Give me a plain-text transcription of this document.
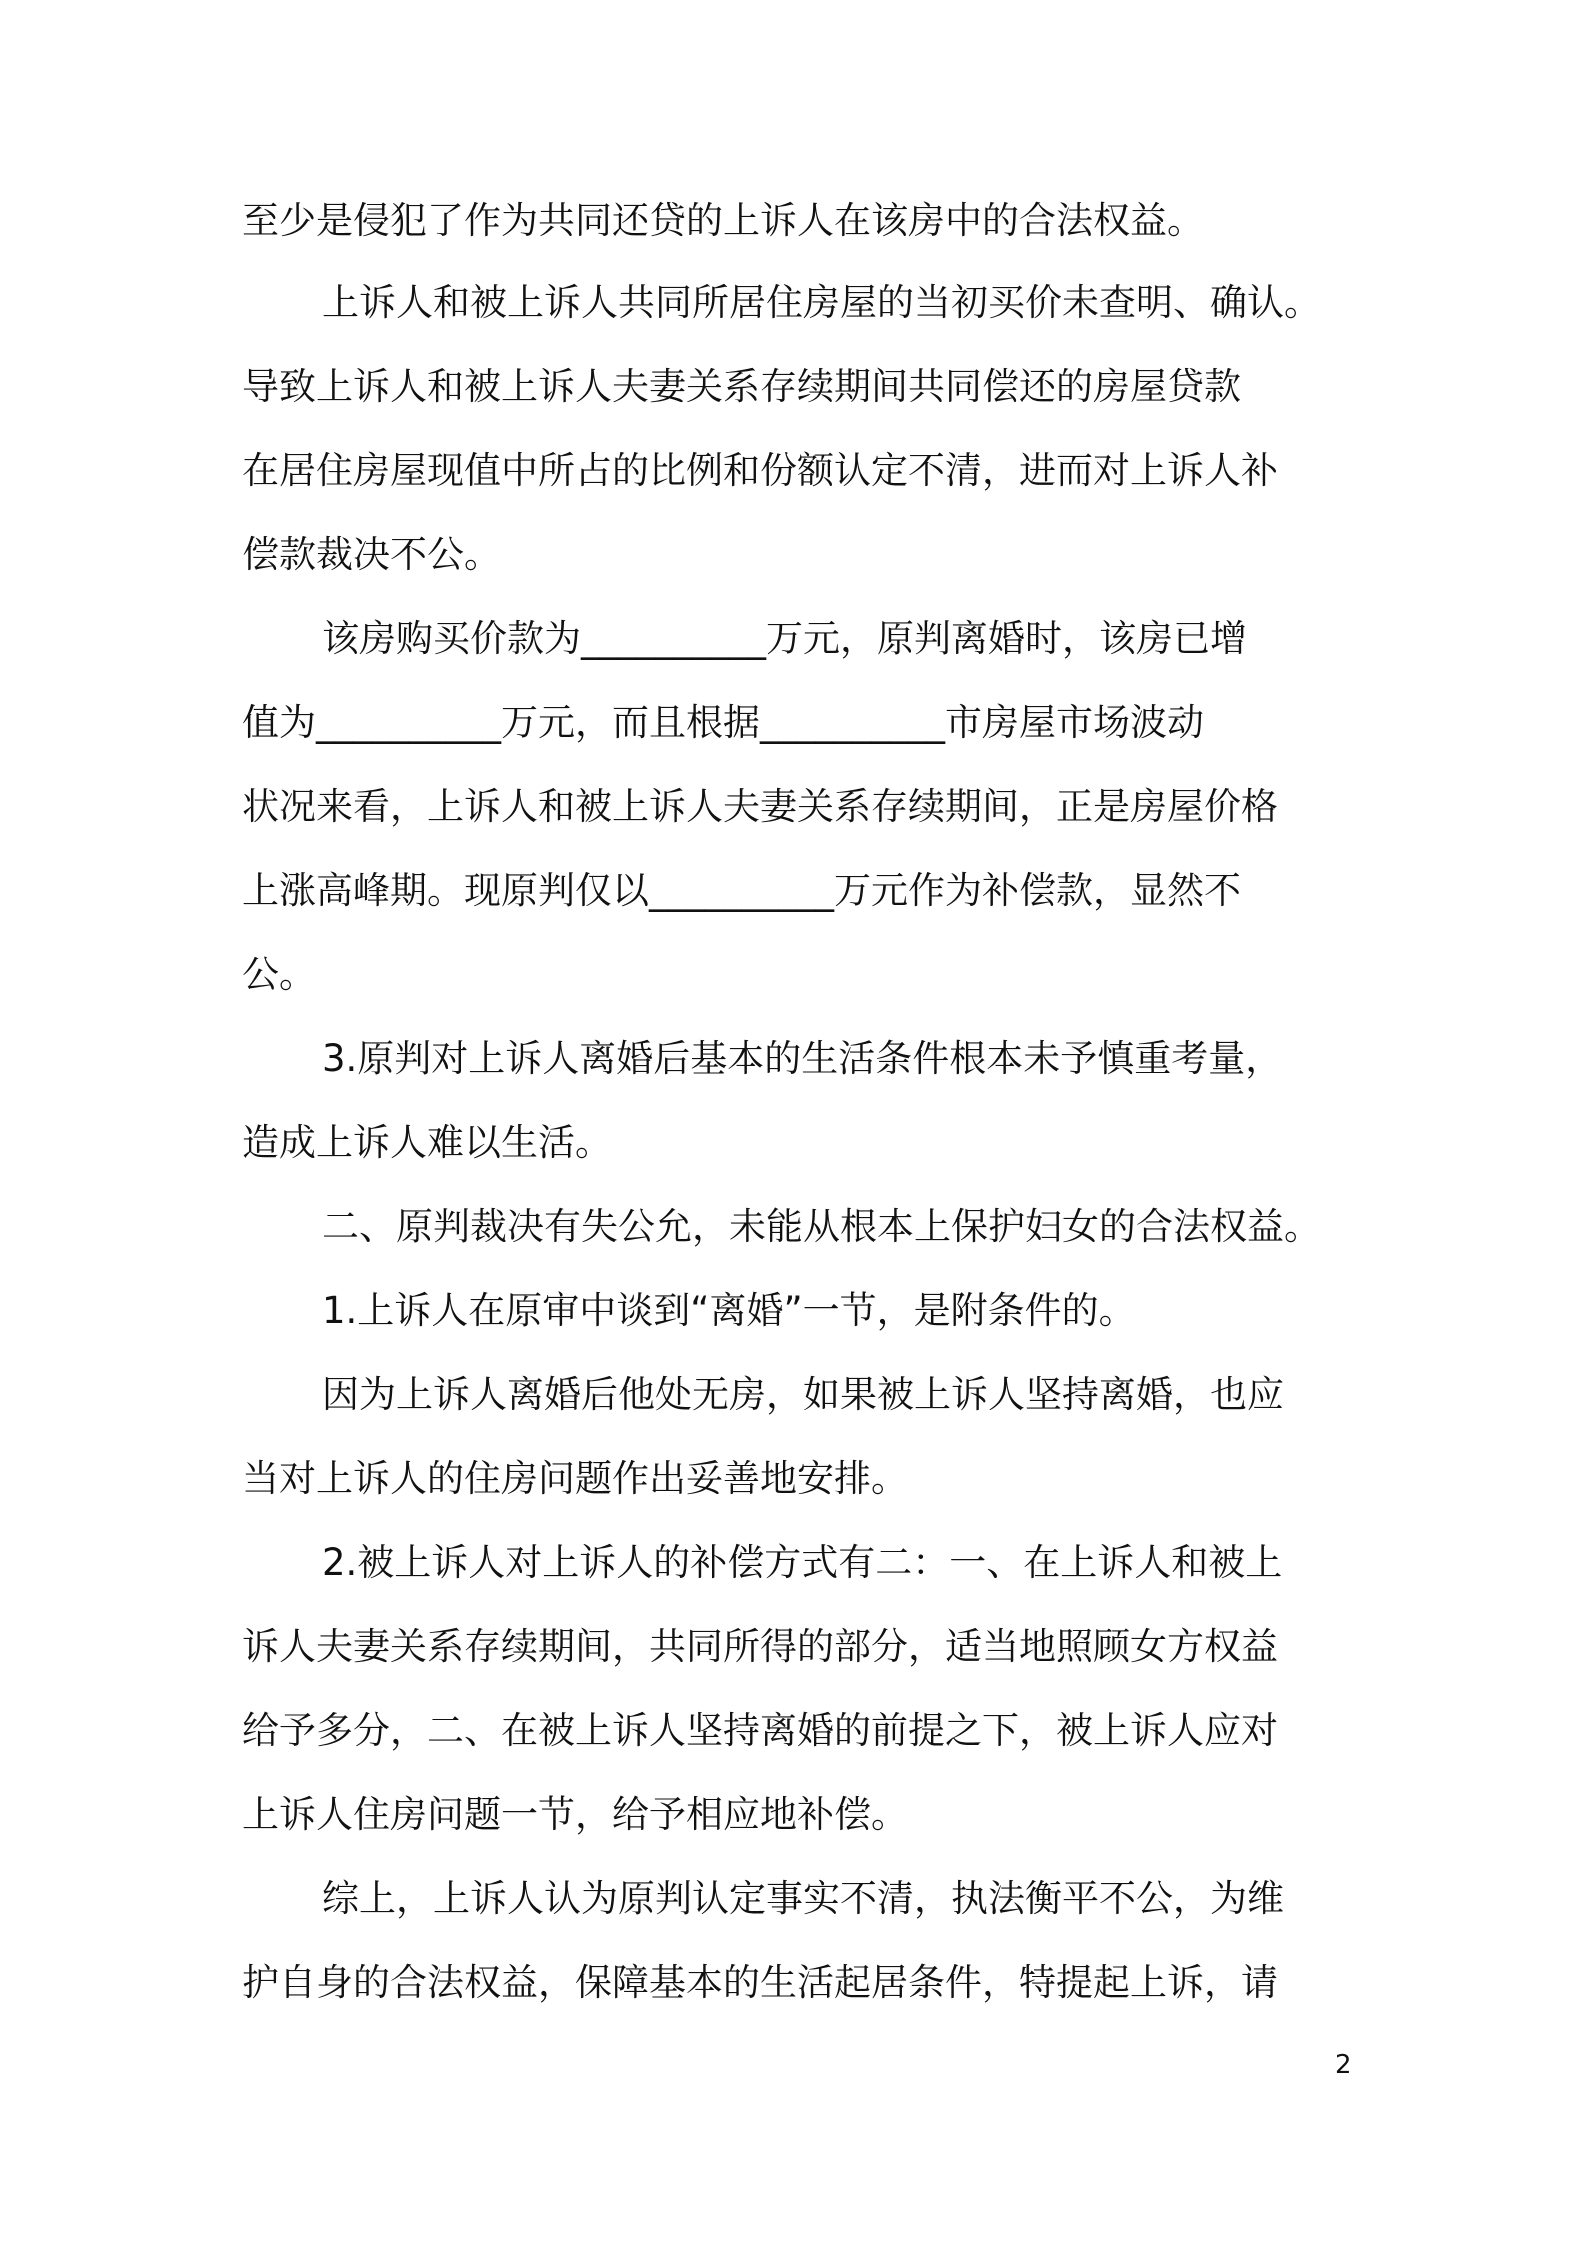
至少是侵犯了作为共同还贷的上诉人在该房中的合法权益。
上诉人和被上诉人共同所居住房屋的当初买价未查明、确认。
导致上诉人和被上诉人夫妻关系存续期间共同偿还的房屋贷款
在居住房屋现值中所占的比例和份额认定不清，进而对上诉人补
偿款裁决不公。
该房购买价款为__________万元，原判离婚时，该房已增
值为__________万元，而且根据__________市房屋市场波动
状况来看，上诉人和被上诉人夫妻关系存续期间，正是房屋价格
上涨高峰期。现原判仅以__________万元作为补偿款，显然不
公。
3.原判对上诉人离婚后基本的生活条件根本未予慎重考量，
造成上诉人难以生活。
二、原判裁决有失公允，未能从根本上保护妇女的合法权益。
1.上诉人在原审中谈到“离婚”一节，是附条件的。
因为上诉人离婚后他处无房，如果被上诉人坚持离婚，也应
当对上诉人的住房问题作出妥善地安排。
2.被上诉人对上诉人的补偿方式有二：一、在上诉人和被上
诉人夫妻关系存续期间，共同所得的部分，适当地照顾女方权益
给予多分，二、在被上诉人坚持离婚的前提之下，被上诉人应对
上诉人住房问题一节，给予相应地补偿。
综上，上诉人认为原判认定事实不清，执法衡平不公，为维
护自身的合法权益，保障基本的生活起居条件，特提起上诉，请
2
